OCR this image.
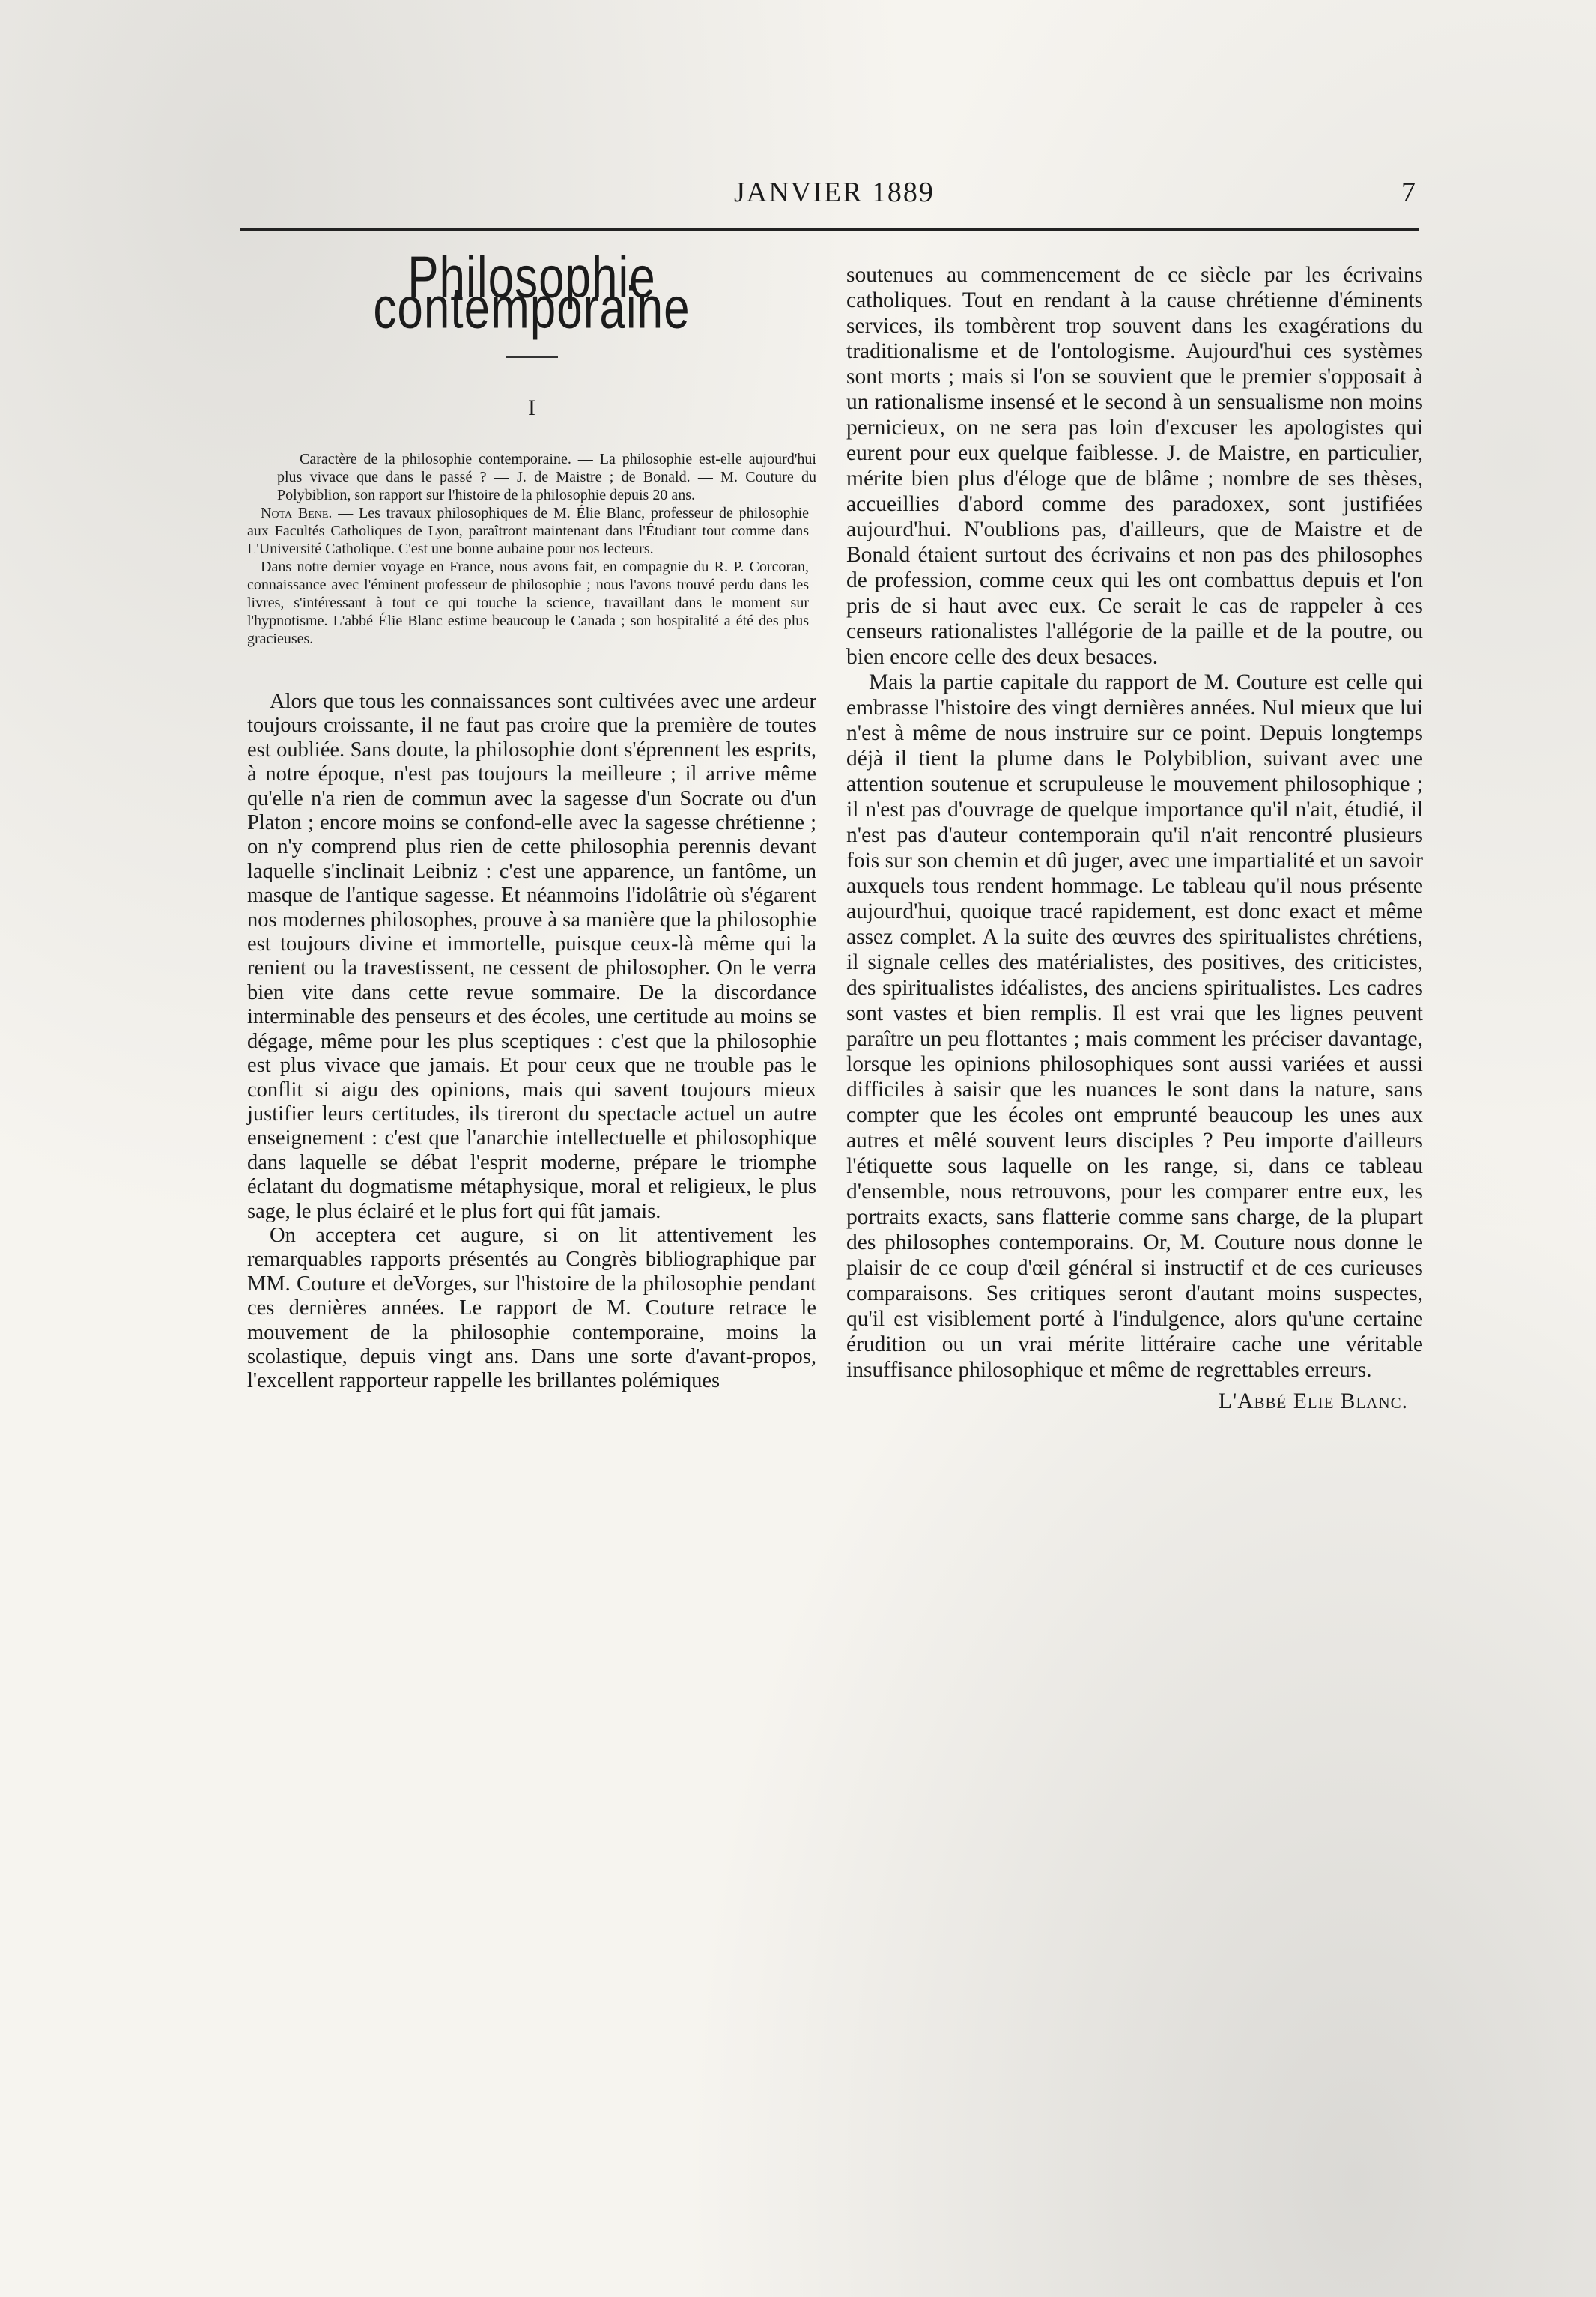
JANVIER 1889	7
Philosophie contemporaine
I

Caractère de la philosophie contemporaine. — La philosophie est-elle aujourd'hui plus vivace que dans le passé ? — J. de Maistre ; de Bonald. — M. Couture du Polybiblion, son rapport sur l'histoire de la philosophie depuis 20 ans.

Nota Bene. — Les travaux philosophiques de M. Élie Blanc, professeur de philosophie aux Facultés Catholiques de Lyon, paraîtront maintenant dans l'Étudiant tout comme dans L'Université Catholique. C'est une bonne aubaine pour nos lecteurs.

Dans notre dernier voyage en France, nous avons fait, en compagnie du R. P. Corcoran, connaissance avec l'éminent professeur de philosophie ; nous l'avons trouvé perdu dans les livres, s'intéressant à tout ce qui touche la science, travaillant dans le moment sur l'hypnotisme. L'abbé Élie Blanc estime beaucoup le Canada ; son hospitalité a été des plus gracieuses.

Alors que tous les connaissances sont cultivées avec une ardeur toujours croissante, il ne faut pas croire que la première de toutes est oubliée. Sans doute, la philosophie dont s'éprennent les esprits, à notre époque, n'est pas toujours la meilleure ; il arrive même qu'elle n'a rien de commun avec la sagesse d'un Socrate ou d'un Platon ; encore moins se confond-elle avec la sagesse chrétienne ; on n'y comprend plus rien de cette philosophia perennis devant laquelle s'inclinait Leibniz : c'est une apparence, un fantôme, un masque de l'antique sagesse. Et néanmoins l'idolâtrie où s'égarent nos modernes philosophes, prouve à sa manière que la philosophie est toujours divine et immortelle, puisque ceux-là même qui la renient ou la travestissent, ne cessent de philosopher. On le verra bien vite dans cette revue sommaire. De la discordance interminable des penseurs et des écoles, une certitude au moins se dégage, même pour les plus sceptiques : c'est que la philosophie est plus vivace que jamais. Et pour ceux que ne trouble pas le conflit si aigu des opinions, mais qui savent toujours mieux justifier leurs certitudes, ils tireront du spectacle actuel un autre enseignement : c'est que l'anarchie intellectuelle et philosophique dans laquelle se débat l'esprit moderne, prépare le triomphe éclatant du dogmatisme métaphysique, moral et religieux, le plus sage, le plus éclairé et le plus fort qui fût jamais.

On acceptera cet augure, si on lit attentivement les remarquables rapports présentés au Congrès bibliographique par MM. Couture et deVorges, sur l'histoire de la philosophie pendant ces dernières années. Le rapport de M. Couture retrace le mouvement de la philosophie contemporaine, moins la scolastique, depuis vingt ans. Dans une sorte d'avant-propos, l'excellent rapporteur rappelle les brillantes polémiques

soutenues au commencement de ce siècle par les écrivains catholiques. Tout en rendant à la cause chrétienne d'éminents services, ils tombèrent trop souvent dans les exagérations du traditionalisme et de l'ontologisme. Aujourd'hui ces systèmes sont morts ; mais si l'on se souvient que le premier s'opposait à un rationalisme insensé et le second à un sensualisme non moins pernicieux, on ne sera pas loin d'excuser les apologistes qui eurent pour eux quelque faiblesse. J. de Maistre, en particulier, mérite bien plus d'éloge que de blâme ; nombre de ses thèses, accueillies d'abord comme des paradoxex, sont justifiées aujourd'hui. N'oublions pas, d'ailleurs, que de Maistre et de Bonald étaient surtout des écrivains et non pas des philosophes de profession, comme ceux qui les ont combattus depuis et l'on pris de si haut avec eux. Ce serait le cas de rappeler à ces censeurs rationalistes l'allégorie de la paille et de la poutre, ou bien encore celle des deux besaces.

Mais la partie capitale du rapport de M. Couture est celle qui embrasse l'histoire des vingt dernières années. Nul mieux que lui n'est à même de nous instruire sur ce point. Depuis longtemps déjà il tient la plume dans le Polybiblion, suivant avec une attention soutenue et scrupuleuse le mouvement philosophique ; il n'est pas d'ouvrage de quelque importance qu'il n'ait, étudié, il n'est pas d'auteur contemporain qu'il n'ait rencontré plusieurs fois sur son chemin et dû juger, avec une impartialité et un savoir auxquels tous rendent hommage. Le tableau qu'il nous présente aujourd'hui, quoique tracé rapidement, est donc exact et même assez complet. A la suite des œuvres des spiritualistes chrétiens, il signale celles des matérialistes, des positives, des criticistes, des spiritualistes idéalistes, des anciens spiritualistes. Les cadres sont vastes et bien remplis. Il est vrai que les lignes peuvent paraître un peu flottantes ; mais comment les préciser davantage, lorsque les opinions philosophiques sont aussi variées et aussi difficiles à saisir que les nuances le sont dans la nature, sans compter que les écoles ont emprunté beaucoup les unes aux autres et mêlé souvent leurs disciples ? Peu importe d'ailleurs l'étiquette sous laquelle on les range, si, dans ce tableau d'ensemble, nous retrouvons, pour les comparer entre eux, les portraits exacts, sans flatterie comme sans charge, de la plupart des philosophes contemporains. Or, M. Couture nous donne le plaisir de ce coup d'œil général si instructif et de ces curieuses comparaisons. Ses critiques seront d'autant moins suspectes, qu'il est visiblement porté à l'indulgence, alors qu'une certaine érudition ou un vrai mérite littéraire cache une véritable insuffisance philosophique et même de regrettables erreurs.

L'Abbé Elie Blanc.
